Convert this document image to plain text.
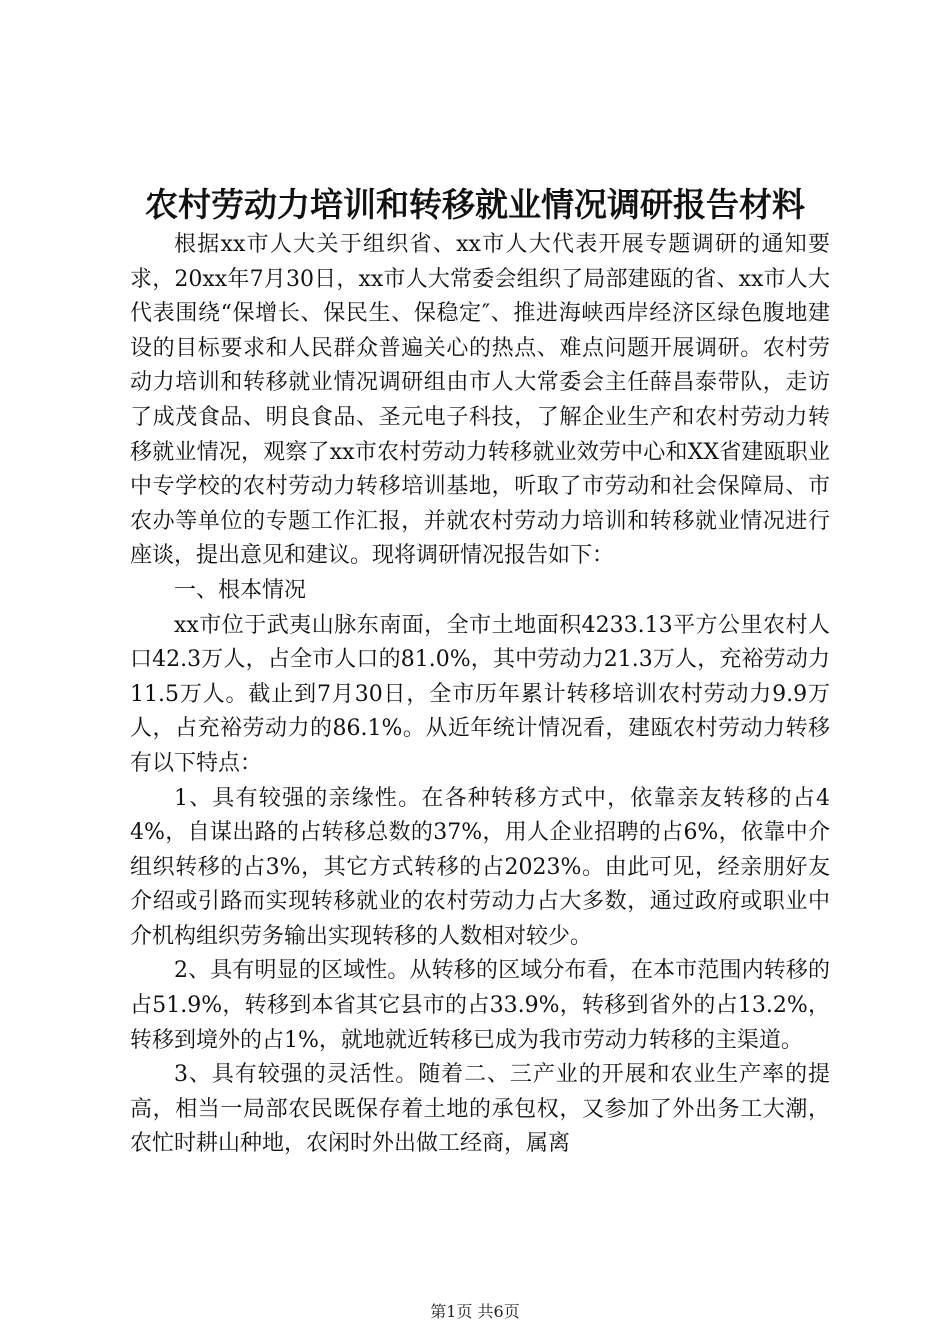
农村劳动力培训和转移就业情况调研报告材料

根据xx市人大关于组织省、xx市人大代表开展专题调研的通知要求，20xx年7月30日，xx市人大常委会组织了局部建瓯的省、xx市人大代表围绕“保增长、保民生、保稳定″、推进海峡西岸经济区绿色腹地建设的目标要求和人民群众普遍关心的热点、难点问题开展调研。农村劳动力培训和转移就业情况调研组由市人大常委会主任薛昌泰带队，走访了成茂食品、明良食品、圣元电子科技，了解企业生产和农村劳动力转移就业情况，观察了xx市农村劳动力转移就业效劳中心和XX省建瓯职业中专学校的农村劳动力转移培训基地，听取了市劳动和社会保障局、市农办等单位的专题工作汇报，并就农村劳动力培训和转移就业情况进行座谈，提出意见和建议。现将调研情况报告如下：

一、根本情况

xx市位于武夷山脉东南面，全市土地面积4233.13平方公里农村人口42.3万人，占全市人口的81.0%，其中劳动力21.3万人，充裕劳动力11.5万人。截止到7月30日，全市历年累计转移培训农村劳动力9.9万人，占充裕劳动力的86.1%。从近年统计情况看，建瓯农村劳动力转移有以下特点：

1、具有较强的亲缘性。在各种转移方式中，依靠亲友转移的占44%，自谋出路的占转移总数的37%，用人企业招聘的占6%，依靠中介组织转移的占3%，其它方式转移的占2023%。由此可见，经亲朋好友介绍或引路而实现转移就业的农村劳动力占大多数，通过政府或职业中介机构组织劳务输出实现转移的人数相对较少。

2、具有明显的区域性。从转移的区域分布看，在本市范围内转移的占51.9%，转移到本省其它县市的占33.9%，转移到省外的占13.2%，转移到境外的占1%，就地就近转移已成为我市劳动力转移的主渠道。

3、具有较强的灵活性。随着二、三产业的开展和农业生产率的提高，相当一局部农民既保存着土地的承包权，又参加了外出务工大潮，农忙时耕山种地，农闲时外出做工经商，属离

第1页 共6页
